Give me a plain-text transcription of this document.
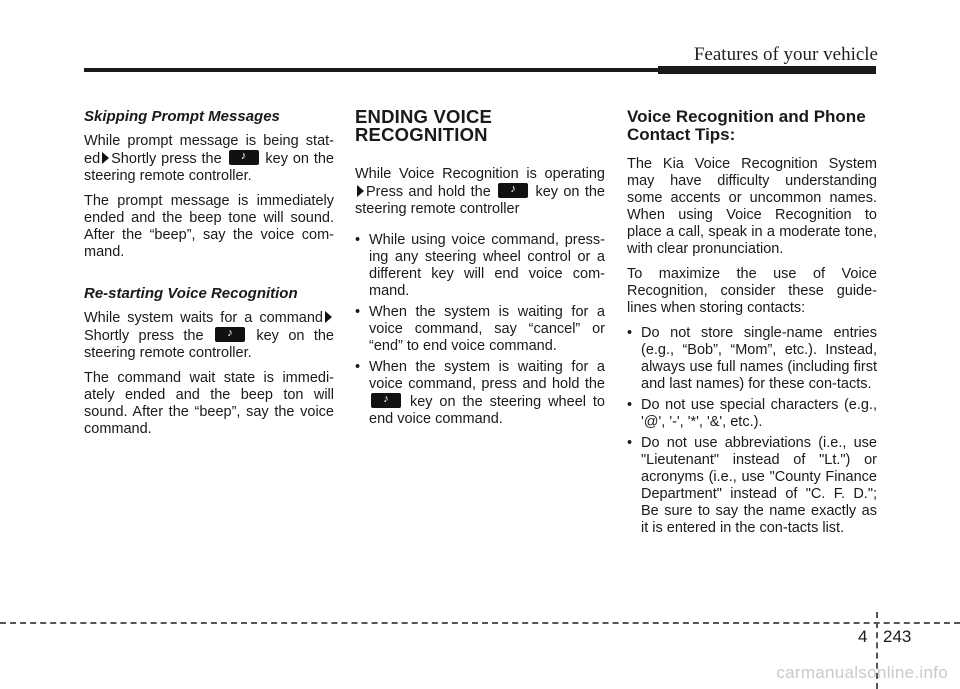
Features of your vehicle
Skipping Prompt Messages

While prompt message is being stat-ed Shortly press the ♪	key on the steering remote controller.

The prompt message is immediately ended and the beep tone will sound. After the “beep”, say the voice com-mand.

Re-starting Voice Recognition

While system waits for a command Shortly press the ♪	key on the steering remote controller.

The command wait state is immedi-ately ended and the beep ton will sound. After the “beep”, say the voice command.

ENDING VOICE RECOGNITION

While Voice Recognition is operating Press and hold the ♪	key on the steering remote controller

• While using voice command, press-ing any steering wheel control or a different key will end voice com-mand.
• When the system is waiting for a voice command, say “cancel” or “end” to end voice command.
• When the system is waiting for a voice command, press and hold the ♪ key on the steering wheel to end voice command.
Voice Recognition and Phone Contact Tips:

The Kia Voice Recognition System may have difficulty understanding some accents or uncommon names. When using Voice Recognition to place a call, speak in a moderate tone, with clear pronunciation.

To maximize the use of Voice Recognition, consider these guide-lines when storing contacts:

• Do not store single-name entries (e.g., “Bob”, “Mom”, etc.). Instead, always use full names (including first and last names) for these con-tacts.
• Do not use special characters (e.g., '@', '-', '*', '&', etc.).
• Do not use abbreviations (i.e., use "Lieutenant" instead of "Lt.") or acronyms (i.e., use "County Finance Department" instead of "C. F. D."; Be sure to say the name exactly as it is entered in the con-tacts list.
4 243
carmanualsonline.info
